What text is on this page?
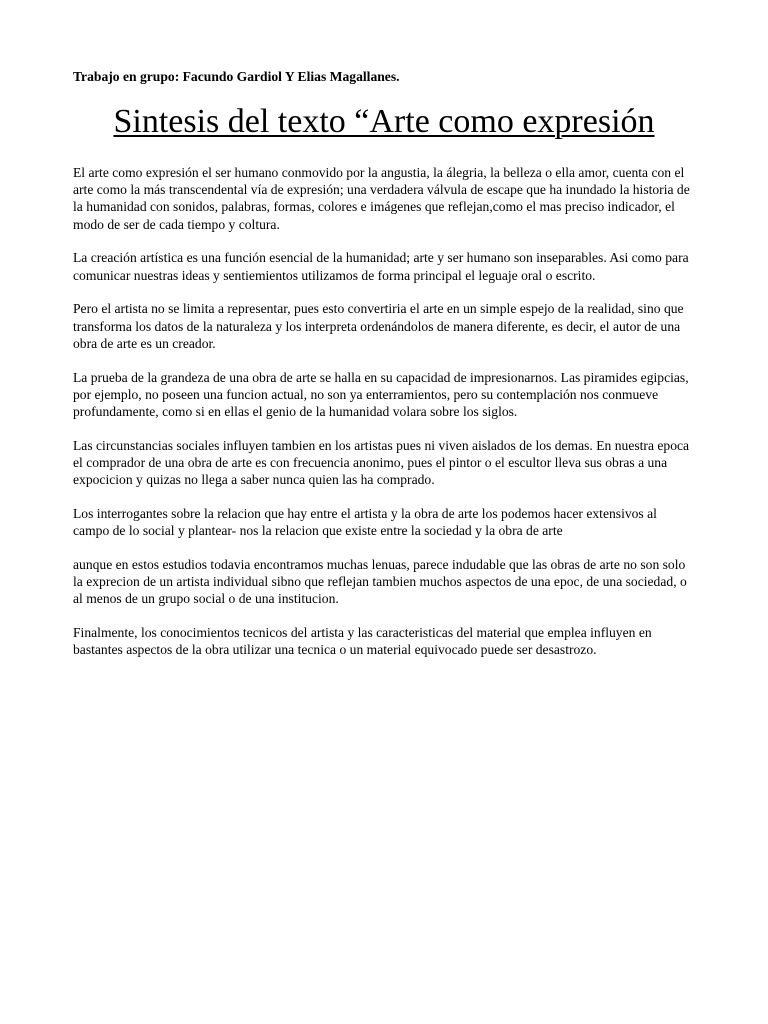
Trabajo en grupo: Facundo Gardiol Y Elias Magallanes.
Sintesis del texto “Arte como expresión

El arte como expresión el ser humano conmovido por la angustia, la álegria, la belleza o ella amor, cuenta con el arte como la más transcendental vía de expresión; una verdadera válvula de escape que ha inundado la historia de la humanidad con sonidos, palabras, formas, colores e imágenes que reflejan,como el mas preciso indicador, el modo de ser de cada tiempo y coltura.

La creación artística es una función esencial de la humanidad; arte y ser humano son inseparables. Asi como para comunicar nuestras ideas y sentiemientos utilizamos de forma principal el leguaje oral o escrito.

Pero el artista no se limita a representar, pues esto convertiria el arte en un simple espejo de la realidad, sino que transforma los datos de la naturaleza y los interpreta ordenándolos de manera diferente, es decir, el autor de una obra de arte es un creador.

La prueba de la grandeza de una obra de arte se halla en su capacidad de impresionarnos. Las piramides egipcias, por ejemplo, no poseen una funcion actual, no son ya enterramientos, pero su contemplación nos conmueve profundamente, como si en ellas el genio de la humanidad volara sobre los siglos.

Las circunstancias sociales influyen tambien en los artistas pues ni viven aislados de los demas. En nuestra epoca el comprador de una obra de arte es con frecuencia anonimo, pues el pintor o el escultor lleva sus obras a una expocicion y quizas no llega a saber nunca quien las ha comprado.

Los interrogantes sobre la relacion que hay entre el artista y la obra de arte los podemos hacer extensivos al campo de lo social y plantear- nos la relacion que existe entre la sociedad y la obra de arte

aunque en estos estudios todavia encontramos muchas lenuas, parece indudable que las obras de arte no son solo la exprecion de un artista individual sibno que reflejan tambien muchos aspectos de una epoc, de una sociedad, o al menos de un grupo social o de una institucion.

Finalmente, los conocimientos tecnicos del artista y las caracteristicas del material que emplea influyen en bastantes aspectos de la obra utilizar una tecnica o un material equivocado puede ser desastrozo.
